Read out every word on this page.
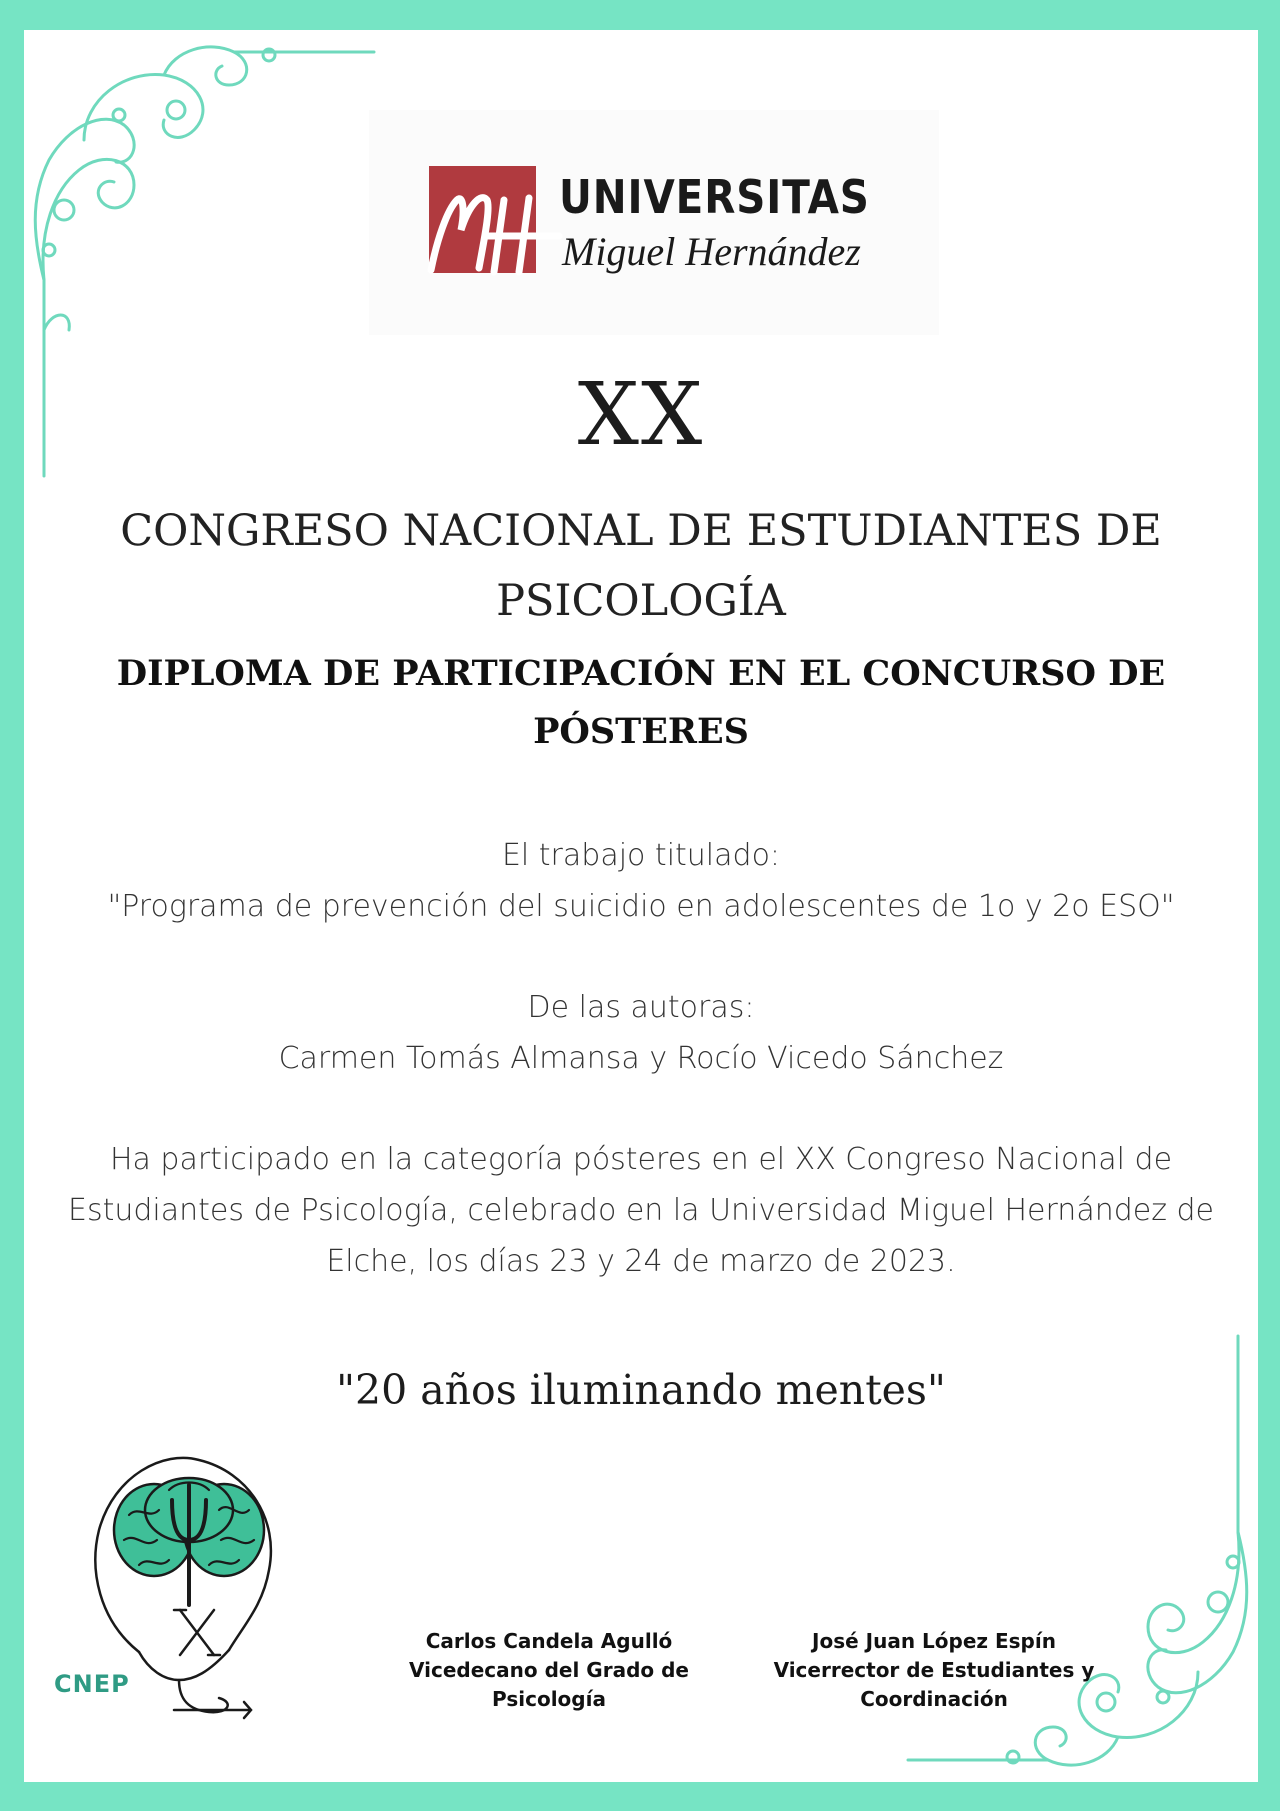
UNIVERSITAS
Miguel Hernández
XX
CONGRESO NACIONAL DE ESTUDIANTES DE PSICOLOGÍA
DIPLOMA DE PARTICIPACIÓN EN EL CONCURSO DE PÓSTERES
El trabajo titulado:
"Programa de prevención del suicidio en adolescentes de 1o y 2o ESO"
De las autoras:
Carmen Tomás Almansa y Rocío Vicedo Sánchez
Ha participado en la categoría pósteres en el XX Congreso Nacional de Estudiantes de Psicología, celebrado en la Universidad Miguel Hernández de Elche, los días 23 y 24 de marzo de 2023.
"20 años iluminando mentes"
CNEP
Carlos Candela Agulló
Vicedecano del Grado de Psicología
José Juan López Espín
Vicerrector de Estudiantes y Coordinación
